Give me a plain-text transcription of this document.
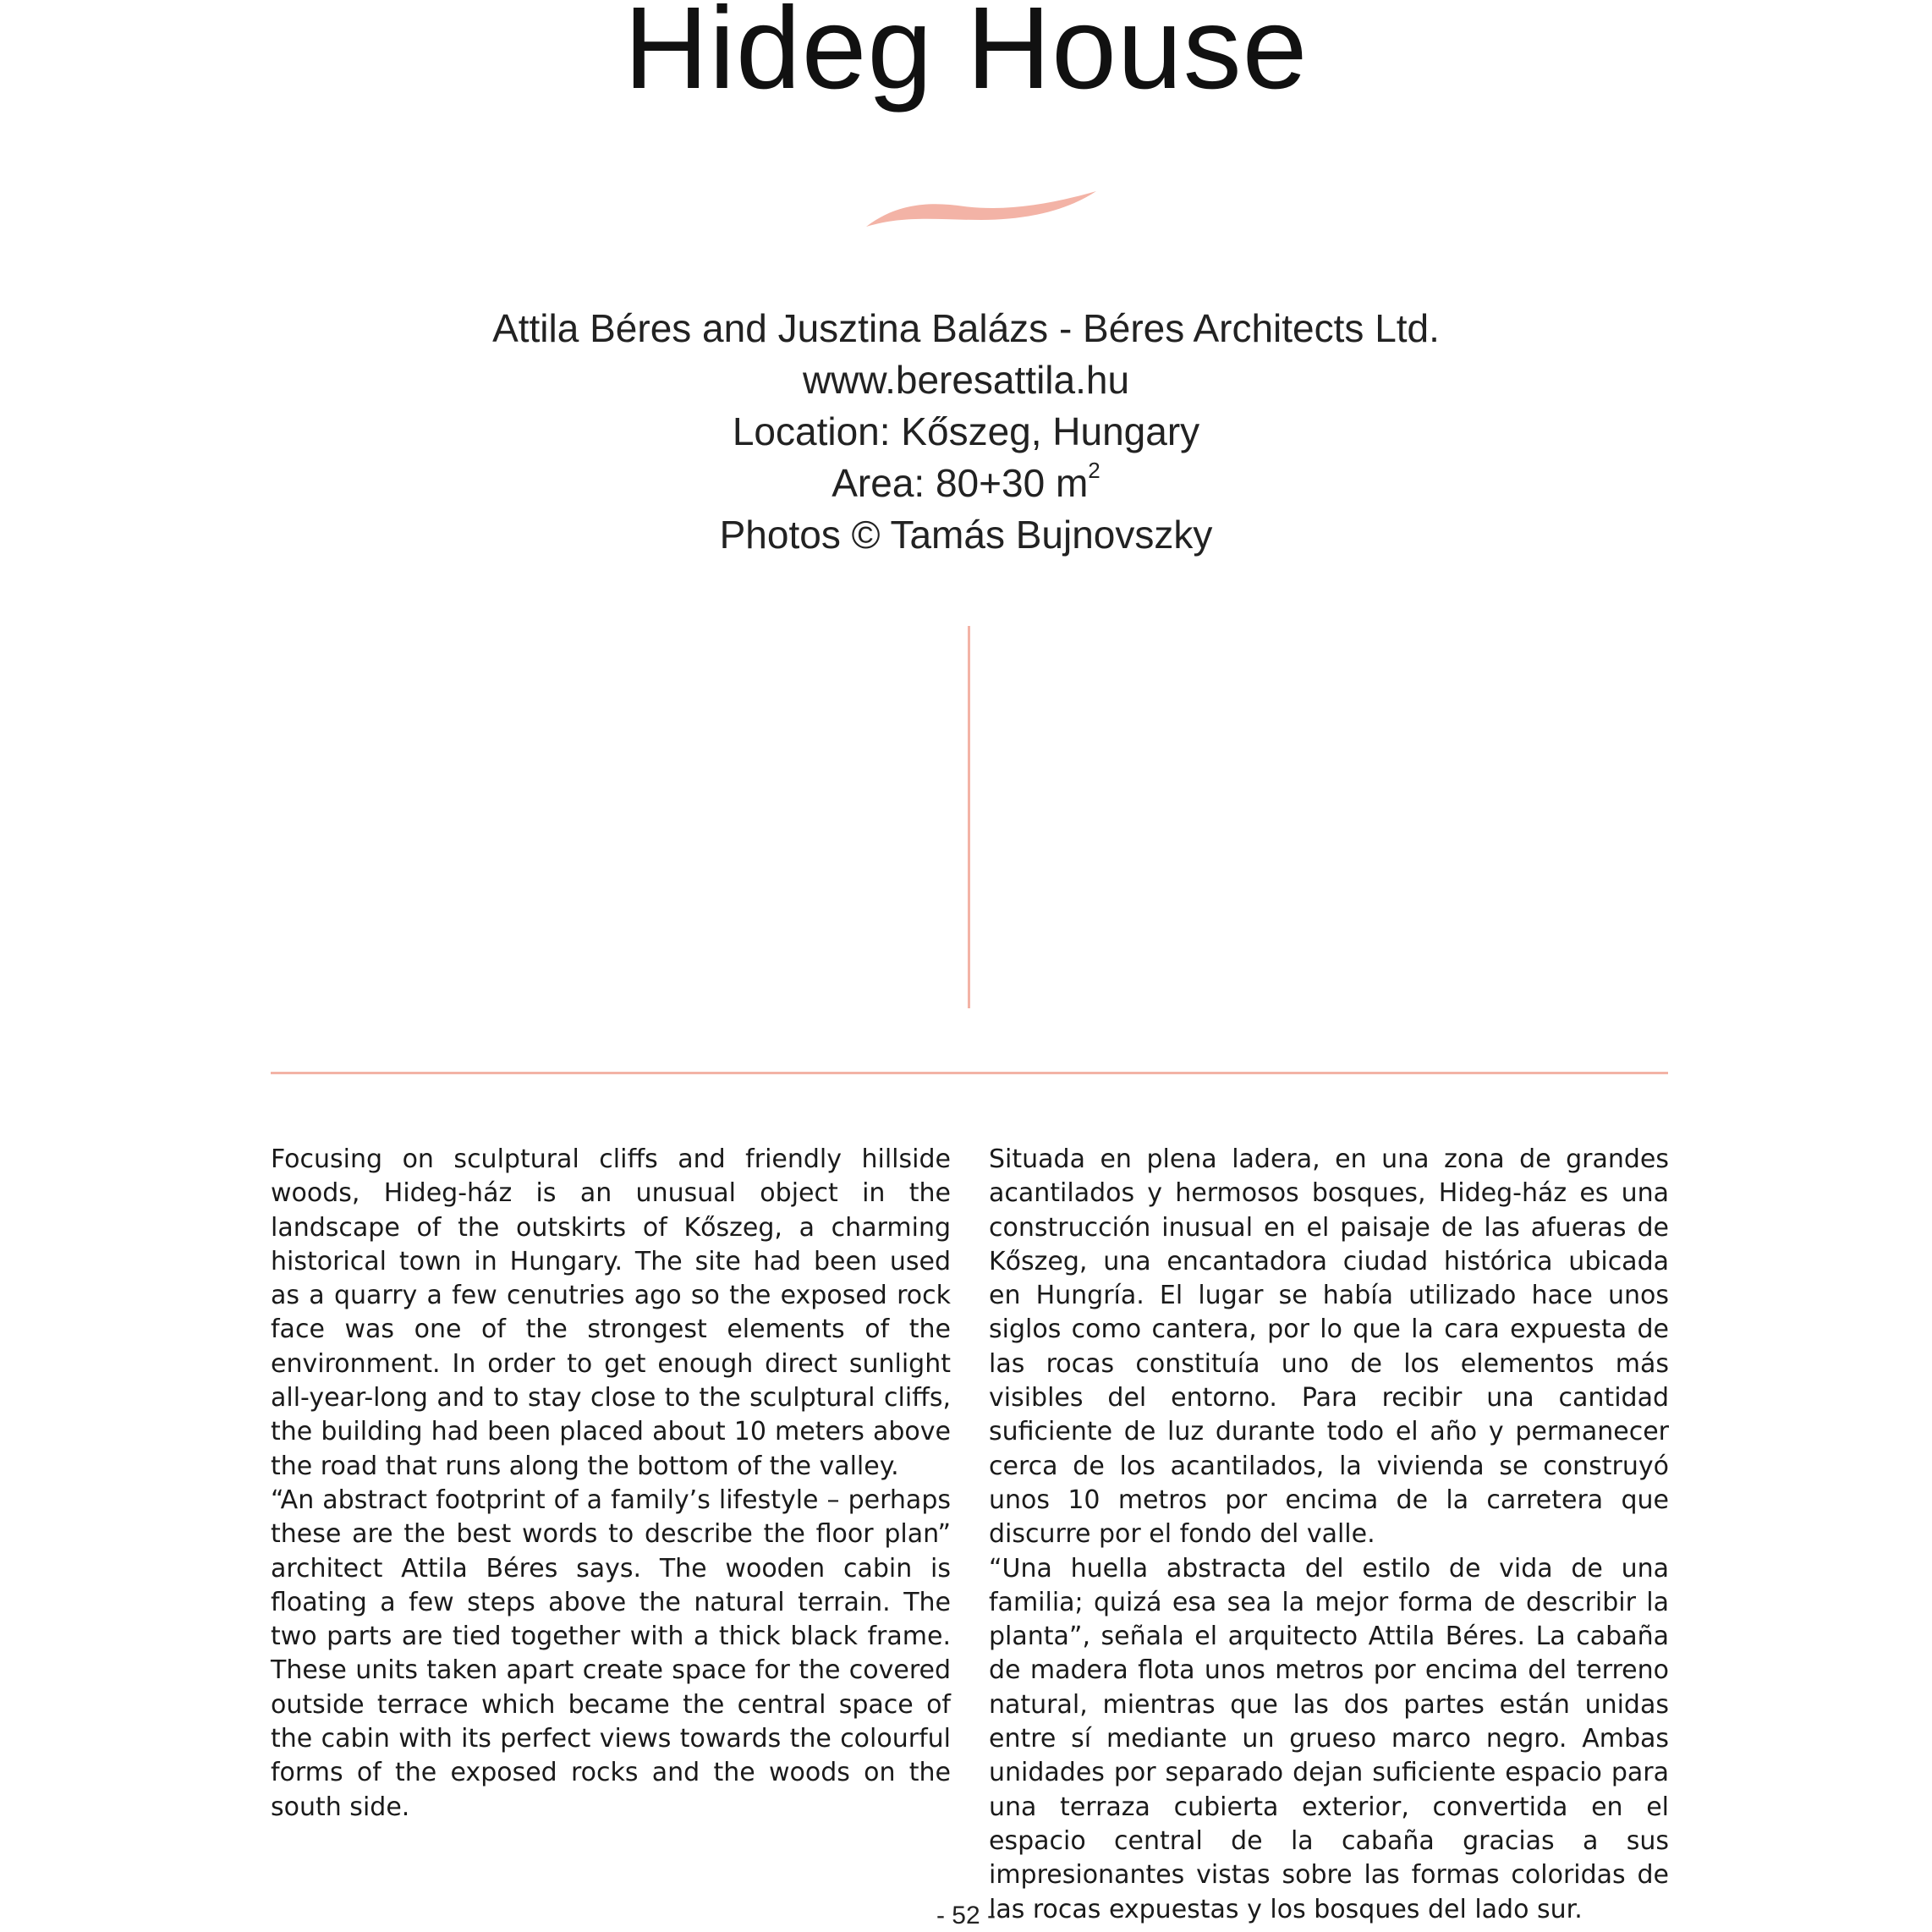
Hideg House
Attila Béres and Jusztina Balázs - Béres Architects Ltd.
www.beresattila.hu
Location: Kőszeg, Hungary
Area: 80+30 $m^2$
Photos © Tamás Bujnovszky

Focusing on sculptural cliffs and friendly hillside woods, Hideg-ház is an unusual object in the landscape of the outskirts of Kőszeg, a charming historical town in Hungary. The site had been used as a quarry a few cenutries ago so the exposed rock face was one of the strongest elements of the environment. In order to get enough direct sunlight all-year-long and to stay close to the sculptural cliffs, the building had been placed about 10 meters above the road that runs along the bottom of the valley.

“An abstract footprint of a family’s lifestyle – perhaps these are the best words to describe the floor plan” architect Attila Béres says. The wooden cabin is floating a few steps above the natural terrain. The two parts are tied together with a thick black frame. These units taken apart create space for the covered outside terrace which became the central space of the cabin with its perfect views towards the colourful forms of the exposed rocks and the woods on the south side.

Situada en plena ladera, en una zona de grandes acantilados y hermosos bosques, Hideg-ház es una construcción inusual en el paisaje de las afueras de Kőszeg, una encantadora ciudad histórica ubicada en Hungría. El lugar se había utilizado hace unos siglos como cantera, por lo que la cara expuesta de las rocas constituía uno de los elementos más visibles del entorno. Para recibir una cantidad suficiente de luz durante todo el año y permanecer cerca de los acantilados, la vivienda se construyó unos 10 metros por encima de la carretera que discurre por el fondo del valle.

“Una huella abstracta del estilo de vida de una familia; quizá esa sea la mejor forma de describir la planta”, señala el arquitecto Attila Béres. La cabaña de madera flota unos metros por encima del terreno natural, mientras que las dos partes están unidas entre sí mediante un grueso marco negro. Ambas unidades por separado dejan suficiente espacio para una terraza cubierta exterior, convertida en el espacio central de la cabaña gracias a sus impresionantes vistas sobre las formas coloridas de las rocas expuestas y los bosques del lado sur.

- 52 -
